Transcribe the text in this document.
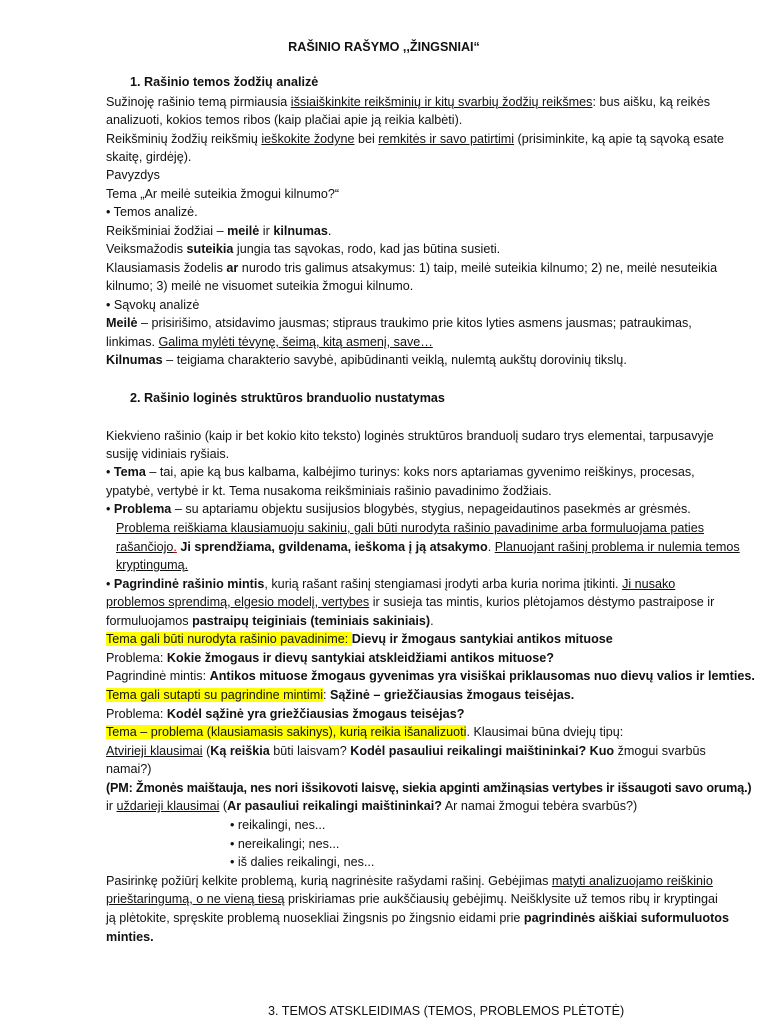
RAŠINIO RAŠYMO ,,ŽINGSNIAI“
1. Rašinio temos žodžių analizė
Sužinoję rašinio temą pirmiausia išsiaiškinkite reikšminių ir kitų svarbių žodžių reikšmes: bus aišku, ką reikės
analizuoti, kokios temos ribos (kaip plačiai apie ją reikia kalbėti).
Reikšminių žodžių reikšmių ieškokite žodyne bei remkitės ir savo patirtimi (prisiminkite, ką apie tą sąvoką esate
skaitę, girdėję).
Pavyzdys
Tema „Ar meilė suteikia žmogui kilnumo?“
• Temos analizė.
Reikšminiai žodžiai – meilė ir kilnumas.
Veiksmažodis suteikia jungia tas sąvokas, rodo, kad jas būtina susieti.
Klausiamasis žodelis ar nurodo tris galimus atsakymus: 1) taip, meilė suteikia kilnumo; 2) ne, meilė nesuteikia
kilnumo; 3) meilė ne visuomet suteikia žmogui kilnumo.
• Sąvokų analizė
Meilė – prisirišimo, atsidavimo jausmas; stipraus traukimo prie kitos lyties asmens jausmas; patraukimas,
linkimas. Galima mylėti tėvynę, šeimą, kitą asmenį, save…
Kilnumas – teigiama charakterio savybė, apibūdinanti veiklą, nulemtą aukštų dorovinių tikslų.
2. Rašinio loginės struktūros branduolio nustatymas
Kiekvieno rašinio (kaip ir bet kokio kito teksto) loginės struktūros branduolį sudaro trys elementai, tarpusavyje
susiję vidiniais ryšiais.
• Tema – tai, apie ką bus kalbama, kalbėjimo turinys: koks nors aptariamas gyvenimo reiškinys, procesas,
ypatybė, vertybė ir kt. Tema nusakoma reikšminiais rašinio pavadinimo žodžiais.
• Problema – su aptariamu objektu susijusios blogybės, stygius, nepageidautinos pasekmės ar grėsmės.
Problema reiškiama klausiamuoju sakiniu, gali būti nurodyta rašinio pavadinime arba formuluojama paties
rašančiojo. Ji sprendžiama, gvildenama, ieškoma į ją atsakymo. Planuojant rašinį problema ir nulemia temos
kryptingumą.
• Pagrindinė rašinio mintis, kurią rašant rašinį stengiamasi įrodyti arba kuria norima įtikinti. Ji nusako
problemos sprendimą, elgesio modelį, vertybes ir susieja tas mintis, kurios plėtojamos dėstymo pastraipose ir
formuluojamos pastraipų teiginiais (teminiais sakiniais).
Tema gali būti nurodyta rašinio pavadinime: Dievų ir žmogaus santykiai antikos mituose
Problema: Kokie žmogaus ir dievų santykiai atskleidžiami antikos mituose?
Pagrindinė mintis: Antikos mituose žmogaus gyvenimas yra visiškai priklausomas nuo dievų valios ir lemties.
Tema gali sutapti su pagrindine mintimi: Sąžinė – griežčiausias žmogaus teisėjas.
Problema: Kodėl sąžinė yra griežčiausias žmogaus teisėjas?
Tema – problema (klausiamasis sakinys), kurią reikia išanalizuoti. Klausimai būna dviejų tipų:
Atvirieji klausimai (Ką reiškia būti laisvam? Kodėl pasauliui reikalingi maištininkai? Kuo žmogui svarbūs
namai?)
(PM: Žmonės maištauja, nes nori išsikovoti laisvę, siekia apginti amžinąsias vertybes ir išsaugoti savo orumą.)
ir uždarieji klausimai (Ar pasauliui reikalingi maištininkai? Ar namai žmogui tebėra svarbūs?)
• reikalingi, nes...
• nereikalingi; nes...
• iš dalies reikalingi, nes...
Pasirinkę požiūrį kelkite problemą, kurią nagrinėsite rašydami rašinį. Gebėjimas matyti analizuojamo reiškinio
prieštaringumą, o ne vieną tiesą priskiriamas prie aukščiausių gebėjimų. Neišklysite už temos ribų ir kryptingai
ją plėtokite, spręskite problemą nuosekliai žingsnis po žingsnio eidami prie pagrindinės aiškiai suformuluotos
minties.
3. TEMOS ATSKLEIDIMAS (TEMOS, PROBLEMOS PLĖTOTĖ)
